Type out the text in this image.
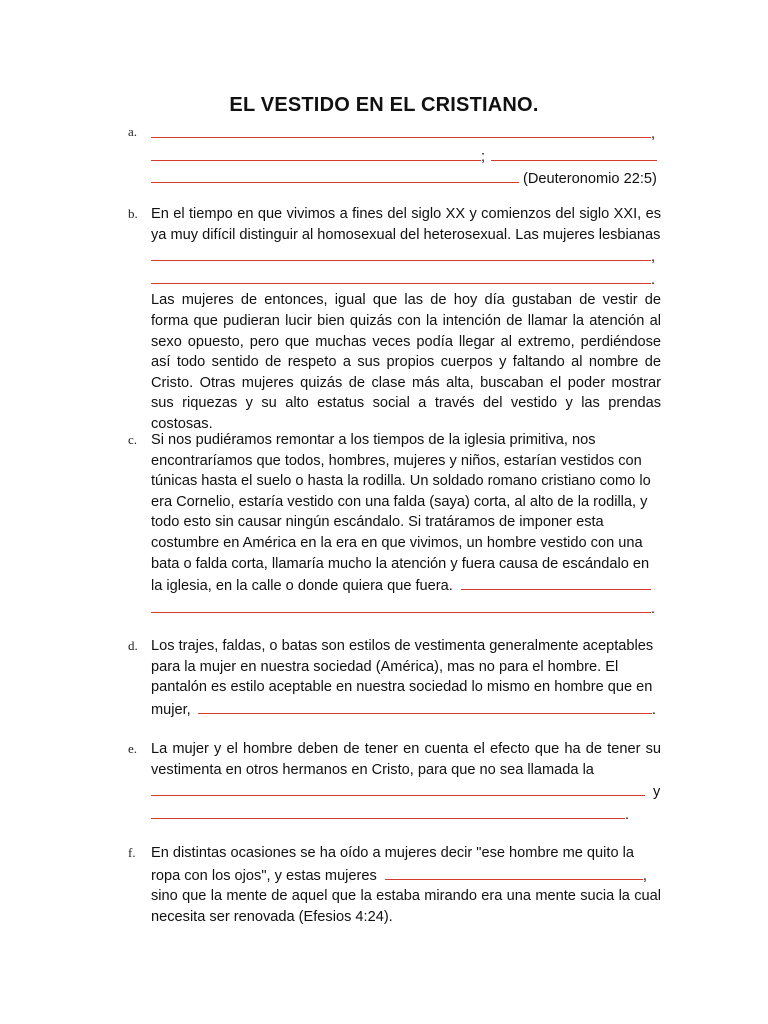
EL VESTIDO EN EL CRISTIANO.
a.	,
;
(Deuteronomio 22:5)
b. En el tiempo en que vivimos a fines del siglo XX y comienzos del siglo XXI, es ya muy difícil distinguir al homosexual del heterosexual. Las mujeres lesbianas
,
.
Las mujeres de entonces, igual que las de hoy día gustaban de vestir de forma que pudieran lucir bien quizás con la intención de llamar la atención al sexo opuesto, pero que muchas veces podía llegar al extremo, perdiéndose así todo sentido de respeto a sus propios cuerpos y faltando al nombre de Cristo. Otras mujeres quizás de clase más alta, buscaban el poder mostrar sus riquezas y su alto estatus social a través del vestido y las prendas costosas.
c. Si nos pudiéramos remontar a los tiempos de la iglesia primitiva, nos encontraríamos que todos, hombres, mujeres y niños, estarían vestidos con túnicas hasta el suelo o hasta la rodilla. Un soldado romano cristiano como lo era Cornelio, estaría vestido con una falda (saya) corta, al alto de la rodilla, y todo esto sin causar ningún escándalo. Si tratáramos de imponer esta costumbre en América en la era en que vivimos, un hombre vestido con una bata o falda corta, llamaría mucho la atención y fuera causa de escándalo en la iglesia, en la calle o donde quiera que fuera.
.
d. Los trajes, faldas, o batas son estilos de vestimenta generalmente aceptables para la mujer en nuestra sociedad (América), mas no para el hombre. El pantalón es estilo aceptable en nuestra sociedad lo mismo en hombre que en mujer,	.
e. La mujer y el hombre deben de tener en cuenta el efecto que ha de tener su vestimenta en otros hermanos en Cristo, para que no sea llamada la
y
.
f.	En distintas ocasiones se ha oído a mujeres decir "ese hombre me quito la ropa con los ojos", y estas mujeres	,
sino que la mente de aquel que la estaba mirando era una mente sucia la cual necesita ser renovada (Efesios 4:24).
